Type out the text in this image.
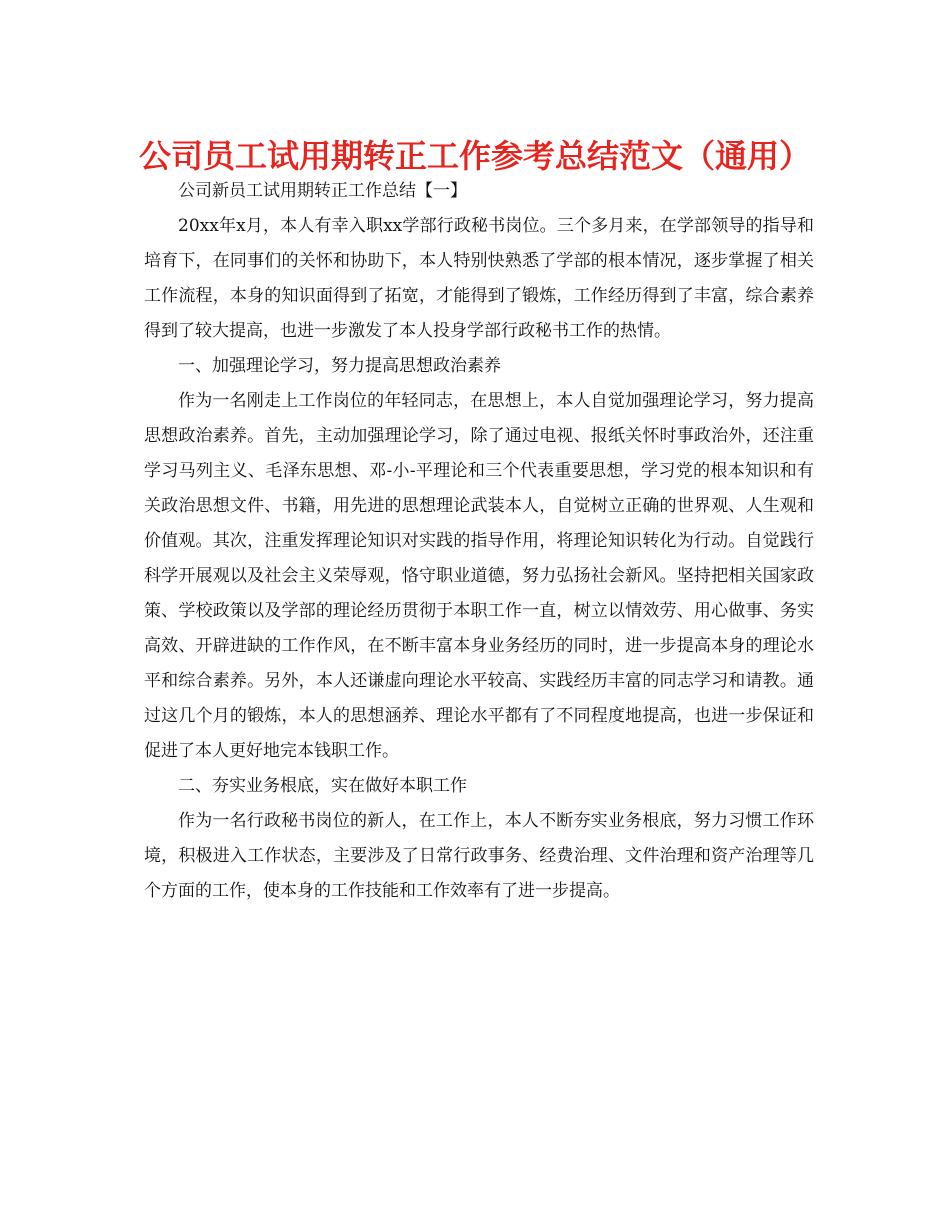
公司员工试用期转正工作参考总结范文（通用）

公司新员工试用期转正工作总结【一】

20xx年x月，本人有幸入职xx学部行政秘书岗位。三个多月来，在学部领导的指导和培育下，在同事们的关怀和协助下，本人特别快熟悉了学部的根本情况，逐步掌握了相关工作流程，本身的知识面得到了拓宽，才能得到了锻炼，工作经历得到了丰富，综合素养得到了较大提高，也进一步激发了本人投身学部行政秘书工作的热情。

一、加强理论学习，努力提高思想政治素养

作为一名刚走上工作岗位的年轻同志，在思想上，本人自觉加强理论学习，努力提高思想政治素养。首先，主动加强理论学习，除了通过电视、报纸关怀时事政治外，还注重学习马列主义、毛泽东思想、邓-小-平理论和三个代表重要思想，学习党的根本知识和有关政治思想文件、书籍，用先进的思想理论武装本人，自觉树立正确的世界观、人生观和价值观。其次，注重发挥理论知识对实践的指导作用，将理论知识转化为行动。自觉践行科学开展观以及社会主义荣辱观，恪守职业道德，努力弘扬社会新风。坚持把相关国家政策、学校政策以及学部的理论经历贯彻于本职工作一直，树立以情效劳、用心做事、务实高效、开辟进缺的工作作风，在不断丰富本身业务经历的同时，进一步提高本身的理论水平和综合素养。另外，本人还谦虚向理论水平较高、实践经历丰富的同志学习和请教。通过这几个月的锻炼，本人的思想涵养、理论水平都有了不同程度地提高，也进一步保证和促进了本人更好地完本钱职工作。

二、夯实业务根底，实在做好本职工作

作为一名行政秘书岗位的新人，在工作上，本人不断夯实业务根底，努力习惯工作环境，积极进入工作状态，主要涉及了日常行政事务、经费治理、文件治理和资产治理等几个方面的工作，使本身的工作技能和工作效率有了进一步提高。
